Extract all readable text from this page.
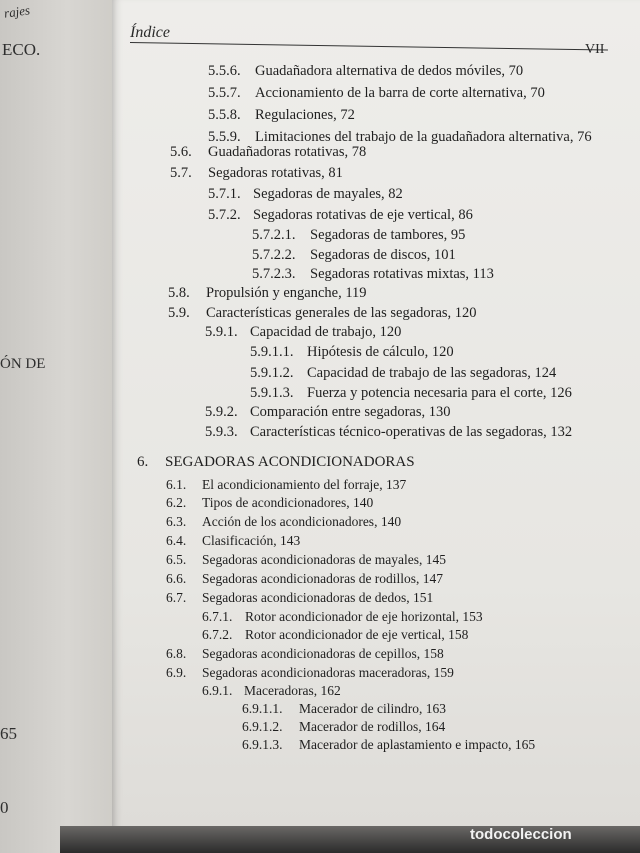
rajes
ECO.
ÓN DE
65
0
Índice
VII
5.5.6. Guadañadora alternativa de dedos móviles, 70
5.5.7. Accionamiento de la barra de corte alternativa, 70
5.5.8. Regulaciones, 72
5.5.9. Limitaciones del trabajo de la guadañadora alternativa, 76
5.6. Guadañadoras rotativas, 78
5.7. Segadoras rotativas, 81
5.7.1. Segadoras de mayales, 82
5.7.2. Segadoras rotativas de eje vertical, 86
5.7.2.1. Segadoras de tambores, 95
5.7.2.2. Segadoras de discos, 101
5.7.2.3. Segadoras rotativas mixtas, 113
5.8. Propulsión y enganche, 119
5.9. Características generales de las segadoras, 120
5.9.1. Capacidad de trabajo, 120
5.9.1.1. Hipótesis de cálculo, 120
5.9.1.2. Capacidad de trabajo de las segadoras, 124
5.9.1.3. Fuerza y potencia necesaria para el corte, 126
5.9.2. Comparación entre segadoras, 130
5.9.3. Características técnico-operativas de las segadoras, 132
6. SEGADORAS ACONDICIONADORAS
6.1. El acondicionamiento del forraje, 137
6.2. Tipos de acondicionadores, 140
6.3. Acción de los acondicionadores, 140
6.4. Clasificación, 143
6.5. Segadoras acondicionadoras de mayales, 145
6.6. Segadoras acondicionadoras de rodillos, 147
6.7. Segadoras acondicionadoras de dedos, 151
6.7.1. Rotor acondicionador de eje horizontal, 153
6.7.2. Rotor acondicionador de eje vertical, 158
6.8. Segadoras acondicionadoras de cepillos, 158
6.9. Segadoras acondicionadoras maceradoras, 159
6.9.1. Maceradoras, 162
6.9.1.1. Macerador de cilindro, 163
6.9.1.2. Macerador de rodillos, 164
6.9.1.3. Macerador de aplastamiento e impacto, 165
todocoleccion
